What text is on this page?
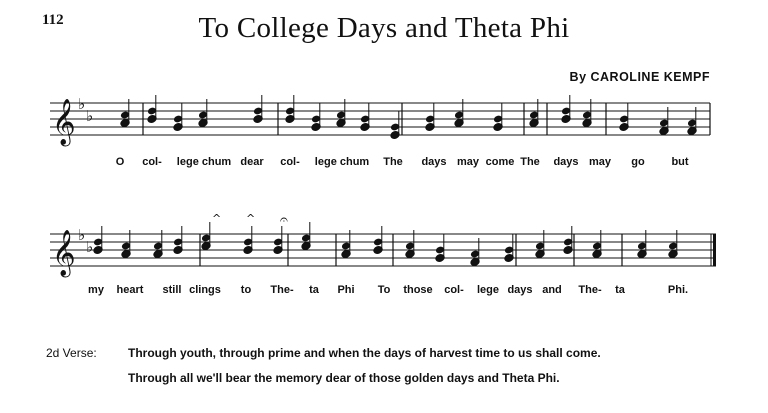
112	To College Days and Theta Phi
By CAROLINE KEMPF
𝄞 ♭
♭
𝄞 ♭
♭
𝄐
^ ^
O col- lege chum dear col- lege chum The days may come The days may go but
my heart still clings to The- ta Phi To those col- lege days and The- ta	Phi.
2d Verse:	Through youth, through prime and when the days of harvest time to us shall come.
Through all we'll bear the memory dear of those golden days and Theta Phi.
